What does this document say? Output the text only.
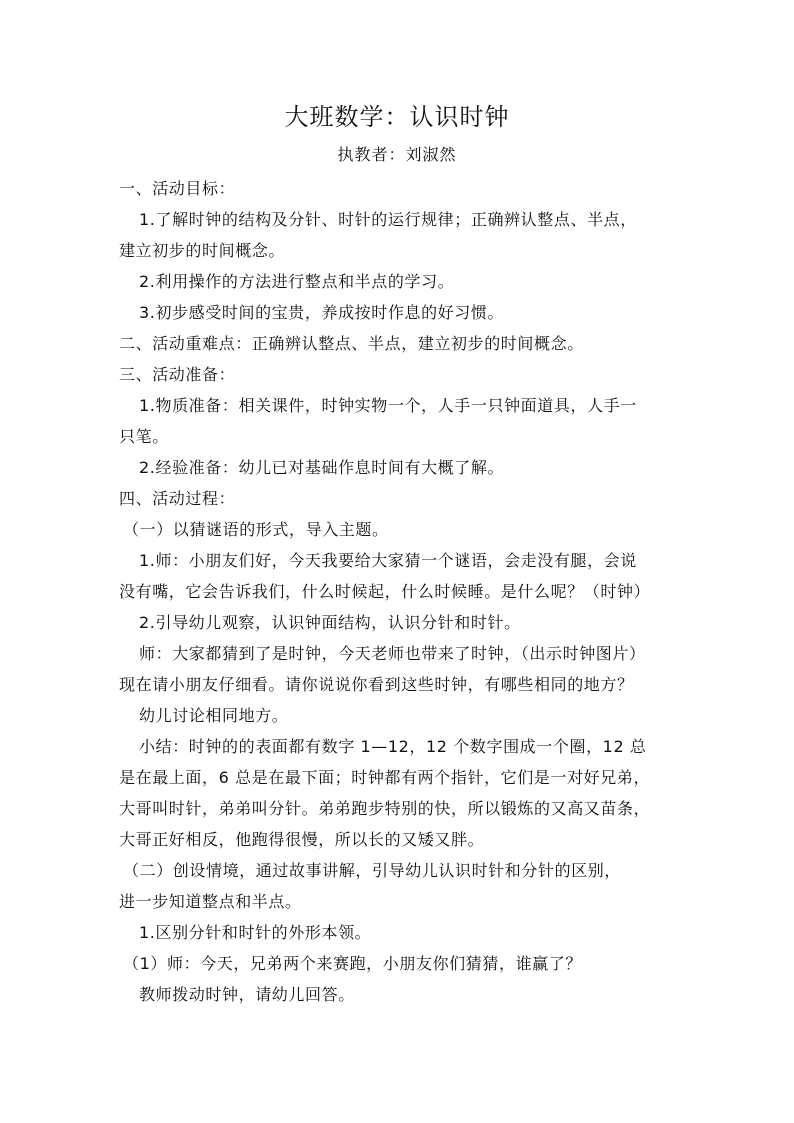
大班数学：认识时钟
执教者：刘淑然
一、活动目标：
1.了解时钟的结构及分针、时针的运行规律；正确辨认整点、半点，
建立初步的时间概念。
2.利用操作的方法进行整点和半点的学习。
3.初步感受时间的宝贵，养成按时作息的好习惯。
二、活动重难点：正确辨认整点、半点，建立初步的时间概念。
三、活动准备：
1.物质准备：相关课件，时钟实物一个，人手一只钟面道具，人手一
只笔。
2.经验准备：幼儿已对基础作息时间有大概了解。
四、活动过程：
（一）以猜谜语的形式，导入主题。
1.师：小朋友们好，今天我要给大家猜一个谜语，会走没有腿，会说
没有嘴，它会告诉我们，什么时候起，什么时候睡。是什么呢？（时钟）
2.引导幼儿观察，认识钟面结构，认识分针和时针。
师：大家都猜到了是时钟，今天老师也带来了时钟，（出示时钟图片）
现在请小朋友仔细看。请你说说你看到这些时钟，有哪些相同的地方？
幼儿讨论相同地方。
小结：时钟的的表面都有数字 1—12，12 个数字围成一个圈，12 总
是在最上面，6 总是在最下面；时钟都有两个指针，它们是一对好兄弟，
大哥叫时针，弟弟叫分针。弟弟跑步特别的快，所以锻炼的又高又苗条，
大哥正好相反，他跑得很慢，所以长的又矮又胖。
（二）创设情境，通过故事讲解，引导幼儿认识时针和分针的区别，
进一步知道整点和半点。
1.区别分针和时针的外形本领。
（1）师：今天，兄弟两个来赛跑，小朋友你们猜猜，谁赢了？
教师拨动时钟，请幼儿回答。
